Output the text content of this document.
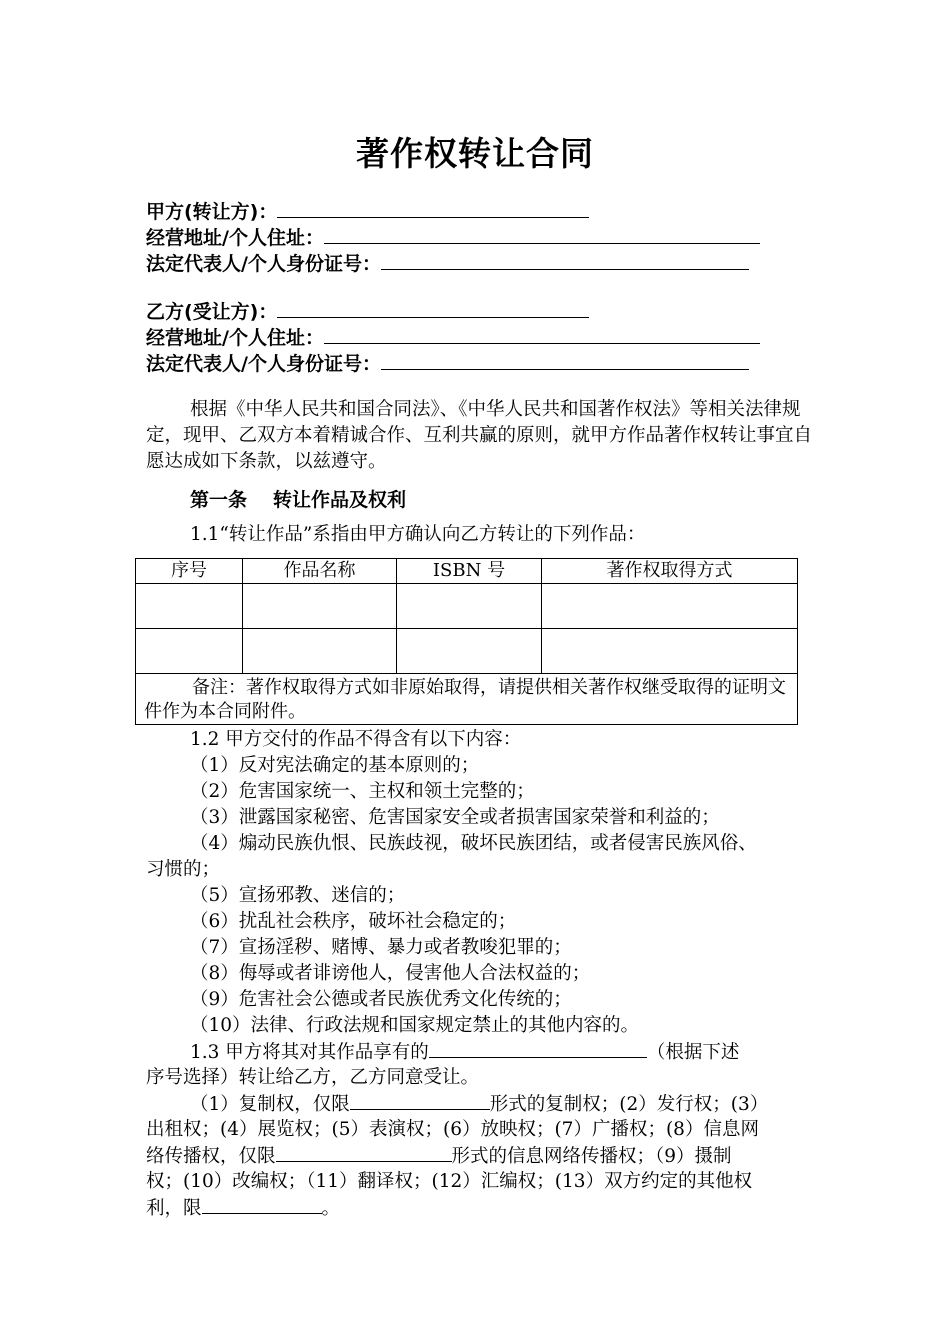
著作权转让合同
甲方(转让方)：
经营地址/个人住址：
法定代表人/个人身份证号：
乙方(受让方)：
经营地址/个人住址：
法定代表人/个人身份证号：
根据《中华人民共和国合同法》、《中华人民共和国著作权法》等相关法律规定，现甲、乙双方本着精诚合作、互利共赢的原则，就甲方作品著作权转让事宜自愿达成如下条款，以兹遵守。
第一条 转让作品及权利
1.1“转让作品”系指由甲方确认向乙方转让的下列作品：
序号	作品名称	ISBN 号	著作权取得方式

备注：著作权取得方式如非原始取得，请提供相关著作权继受取得的证明文件作为本合同附件。			
1.2 甲方交付的作品不得含有以下内容：
（1）反对宪法确定的基本原则的；
（2）危害国家统一、主权和领土完整的；
（3）泄露国家秘密、危害国家安全或者损害国家荣誉和利益的；
（4）煽动民族仇恨、民族歧视，破坏民族团结，或者侵害民族风俗、
习惯的；
（5）宣扬邪教、迷信的；
（6）扰乱社会秩序，破坏社会稳定的；
（7）宣扬淫秽、赌博、暴力或者教唆犯罪的；
（8）侮辱或者诽谤他人，侵害他人合法权益的；
（9）危害社会公德或者民族优秀文化传统的；
（10）法律、行政法规和国家规定禁止的其他内容的。
1.3 甲方将其对其作品享有的	（根据下述
序号选择）转让给乙方，乙方同意受让。
（1）复制权，仅限	形式的复制权；(2）发行权；(3）
出租权；(4）展览权；(5）表演权；(6）放映权；(7）广播权；(8）信息网
络传播权，仅限	形式的信息网络传播权；（9）摄制
权；(10）改编权；（11）翻译权；(12）汇编权；(13）双方约定的其他权
利，限	。
